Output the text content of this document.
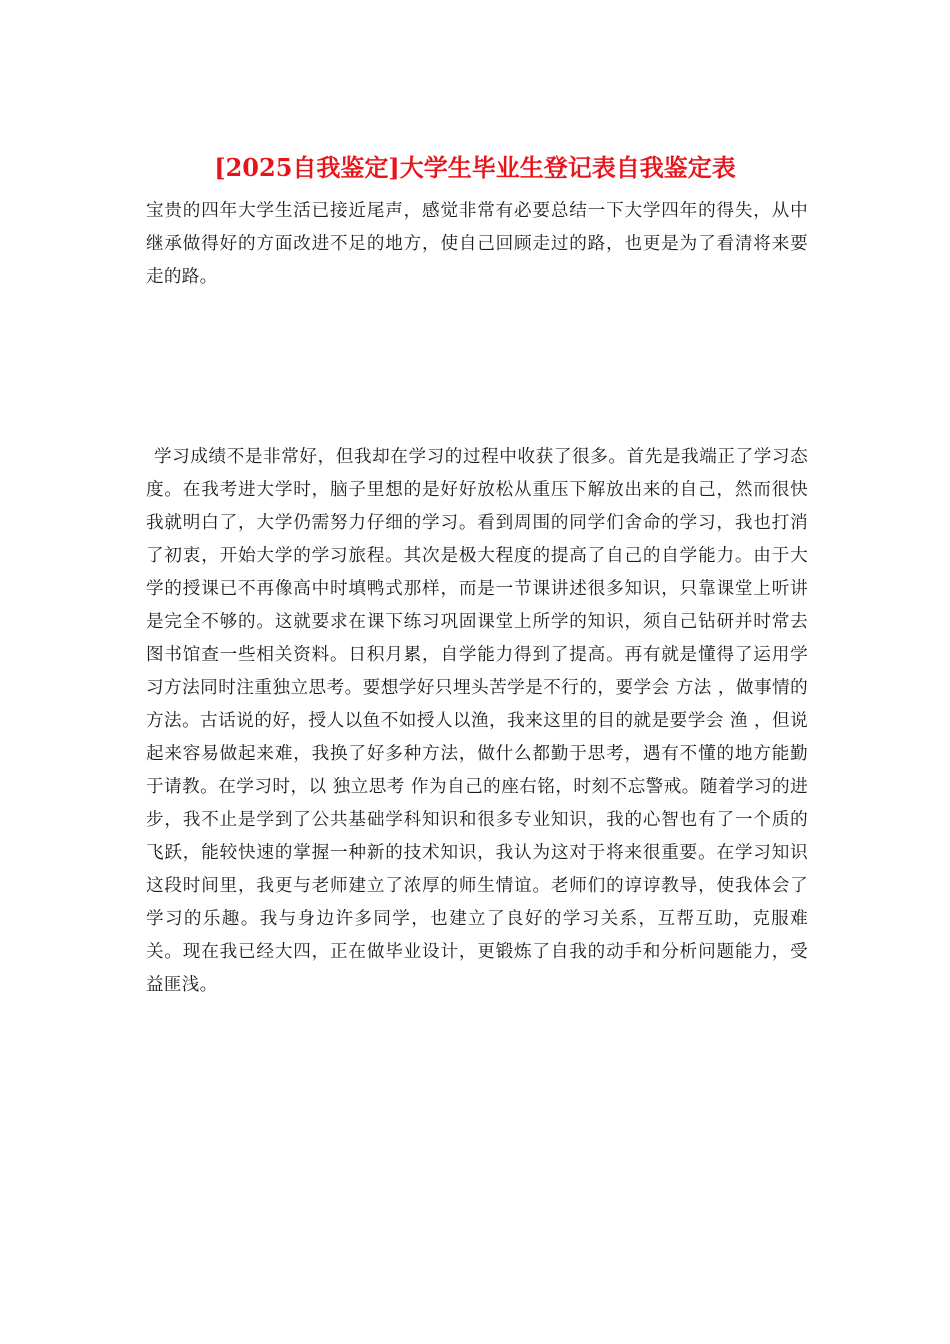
[2025自我鉴定]大学生毕业生登记表自我鉴定表

宝贵的四年大学生活已接近尾声，感觉非常有必要总结一下大学四年的得失，从中继承做得好的方面改进不足的地方，使自己回顾走过的路，也更是为了看清将来要走的路。

学习成绩不是非常好，但我却在学习的过程中收获了很多。首先是我端正了学习态度。在我考进大学时，脑子里想的是好好放松从重压下解放出来的自己，然而很快我就明白了，大学仍需努力仔细的学习。看到周围的同学们舍命的学习，我也打消了初衷，开始大学的学习旅程。其次是极大程度的提高了自己的自学能力。由于大学的授课已不再像高中时填鸭式那样，而是一节课讲述很多知识，只靠课堂上听讲是完全不够的。这就要求在课下练习巩固课堂上所学的知识，须自己钻研并时常去图书馆查一些相关资料。日积月累，自学能力得到了提高。再有就是懂得了运用学习方法同时注重独立思考。要想学好只埋头苦学是不行的，要学会 方法 ，做事情的方法。古话说的好，授人以鱼不如授人以渔，我来这里的目的就是要学会 渔 ，但说起来容易做起来难，我换了好多种方法，做什么都勤于思考，遇有不懂的地方能勤于请教。在学习时，以 独立思考 作为自己的座右铭，时刻不忘警戒。随着学习的进步，我不止是学到了公共基础学科知识和很多专业知识，我的心智也有了一个质的飞跃，能较快速的掌握一种新的技术知识，我认为这对于将来很重要。在学习知识这段时间里，我更与老师建立了浓厚的师生情谊。老师们的谆谆教导，使我体会了学习的乐趣。我与身边许多同学，也建立了良好的学习关系，互帮互助，克服难关。现在我已经大四，正在做毕业设计，更锻炼了自我的动手和分析问题能力，受益匪浅。
